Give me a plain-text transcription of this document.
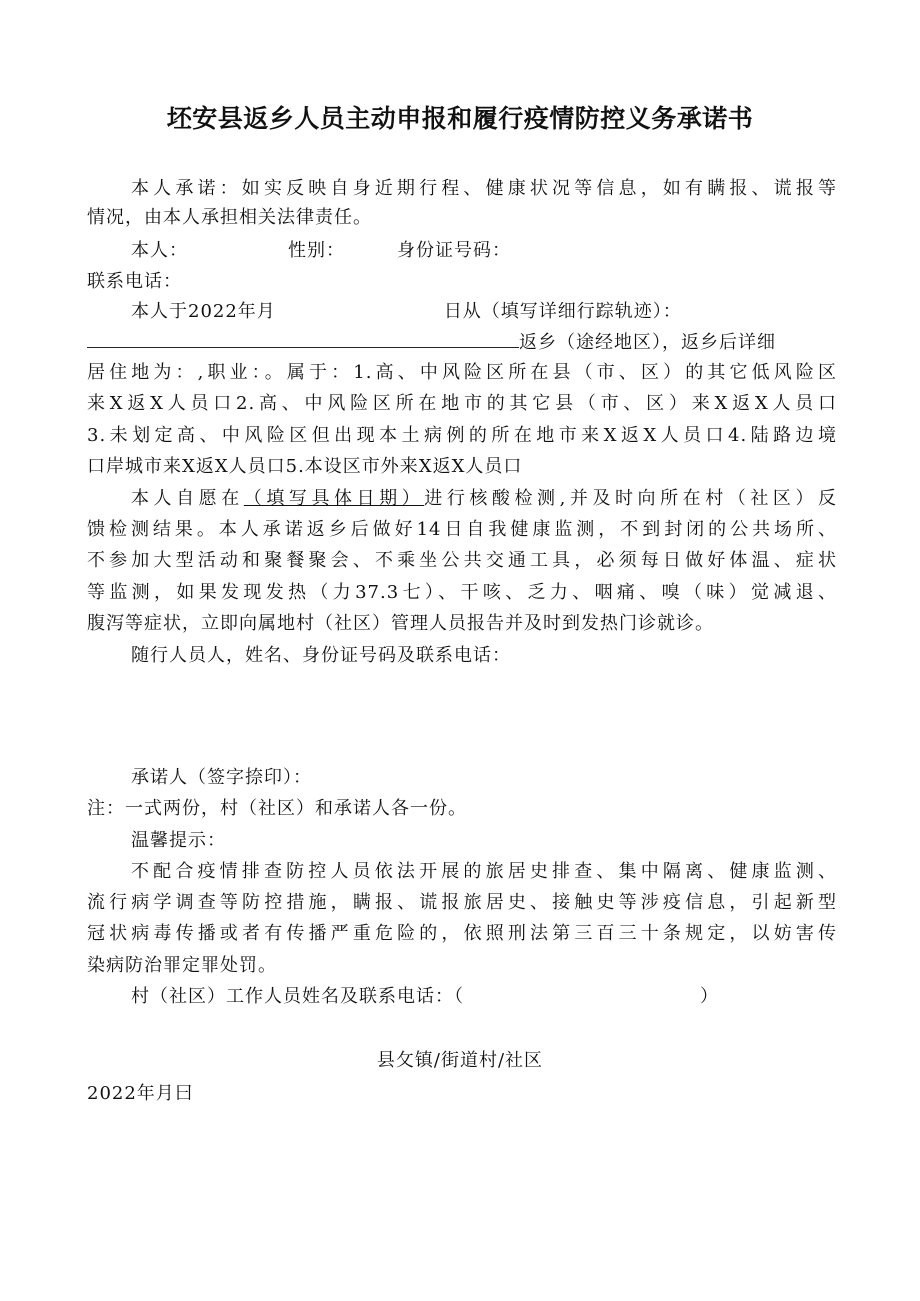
坯安县返乡人员主动申报和履行疫情防控义务承诺书
本人承诺：如实反映自身近期行程、健康状况等信息，如有瞒报、谎报等
情况，由本人承担相关法律责任。
本人：	性别：	身份证号码：
联系电话：
本人于2022年月	日从（填写详细行踪轨迹）：
返乡（途经地区），返乡后详细
居住地为：,职业：。属于：1.高、中风险区所在县（市、区）的其它低风险区
来X返X人员口2.高、中风险区所在地市的其它县（市、区）来X返X人员口
3.未划定高、中风险区但出现本土病例的所在地市来X返X人员口4.陆路边境
口岸城市来X返X人员口5.本设区市外来X返X人员口
本人自愿在（填写具体日期）进行核酸检测,并及时向所在村（社区）反
馈检测结果。本人承诺返乡后做好14日自我健康监测，不到封闭的公共场所、
不参加大型活动和聚餐聚会、不乘坐公共交通工具，必须每日做好体温、症状
等监测，如果发现发热（力37.3七）、干咳、乏力、咽痛、嗅（味）觉减退、
腹泻等症状，立即向属地村（社区）管理人员报告并及时到发热门诊就诊。
随行人员人，姓名、身份证号码及联系电话：
承诺人（签字捺印）：
注：一式两份，村（社区）和承诺人各一份。
温馨提示：
不配合疫情排查防控人员依法开展的旅居史排查、集中隔离、健康监测、
流行病学调查等防控措施，瞒报、谎报旅居史、接触史等涉疫信息，引起新型
冠状病毒传播或者有传播严重危险的，依照刑法第三百三十条规定，以妨害传
染病防治罪定罪处罚。
村（社区）工作人员姓名及联系电话：（	）
县攵镇/街道村/社区
2022年月曰
